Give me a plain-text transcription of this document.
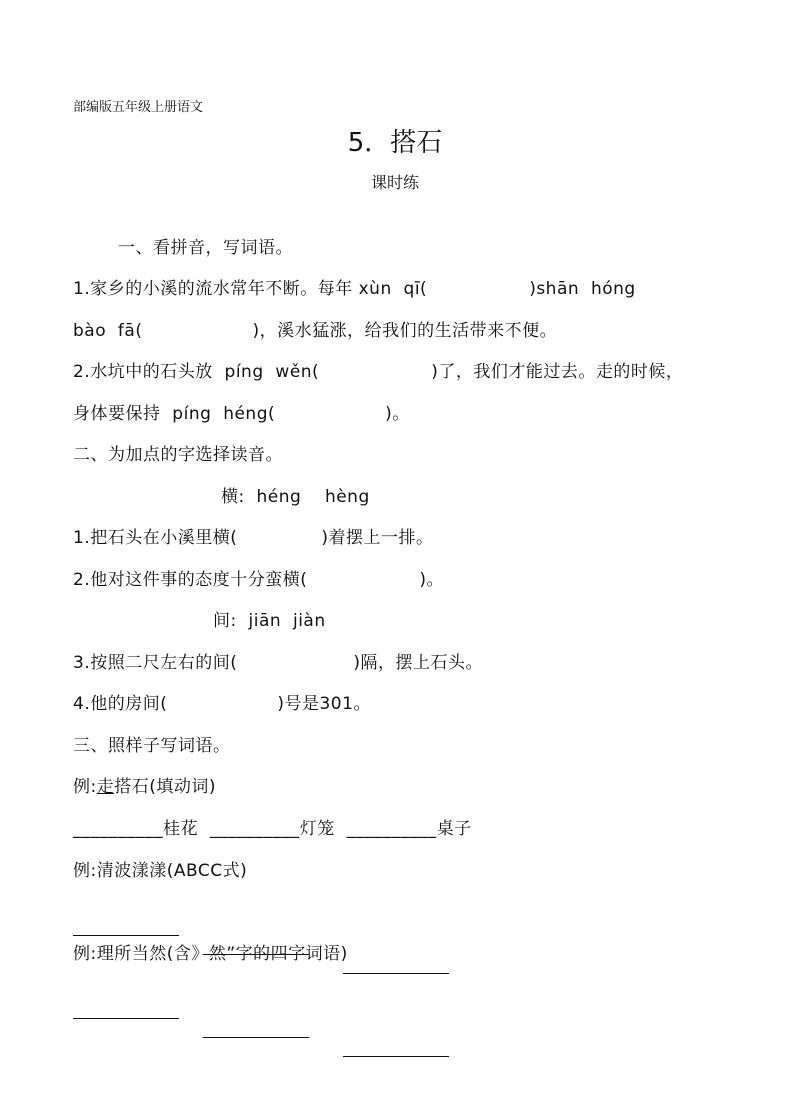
部编版五年级上册语文
5．搭石
课时练
一、看拼音，写词语。
1.家乡的小溪的流水常年不断。每年 xùn  qī(	)shān  hóng
bào  fā(	)，溪水猛涨，给我们的生活带来不便。
2.水坑中的石头放  píng  wěn(	)了，我们才能过去。走的时候，
身体要保持  píng  héng(	)。
二、为加点的字选择读音。
横:  héng    hèng
1.把石头在小溪里横(	)着摆上一排。
2.他对这件事的态度十分蛮横(	)。
间:  jiān  jiàn
3.按照二尺左右的间(	)隔，摆上石头。
4.他的房间(	)号是301。
三、照样子写词语。
例:走搭石(填动词)
__________桂花  __________灯笼  __________桌子
例:清波漾漾(ABCC式)

例:理所当然(含》然”字的四字词语)
